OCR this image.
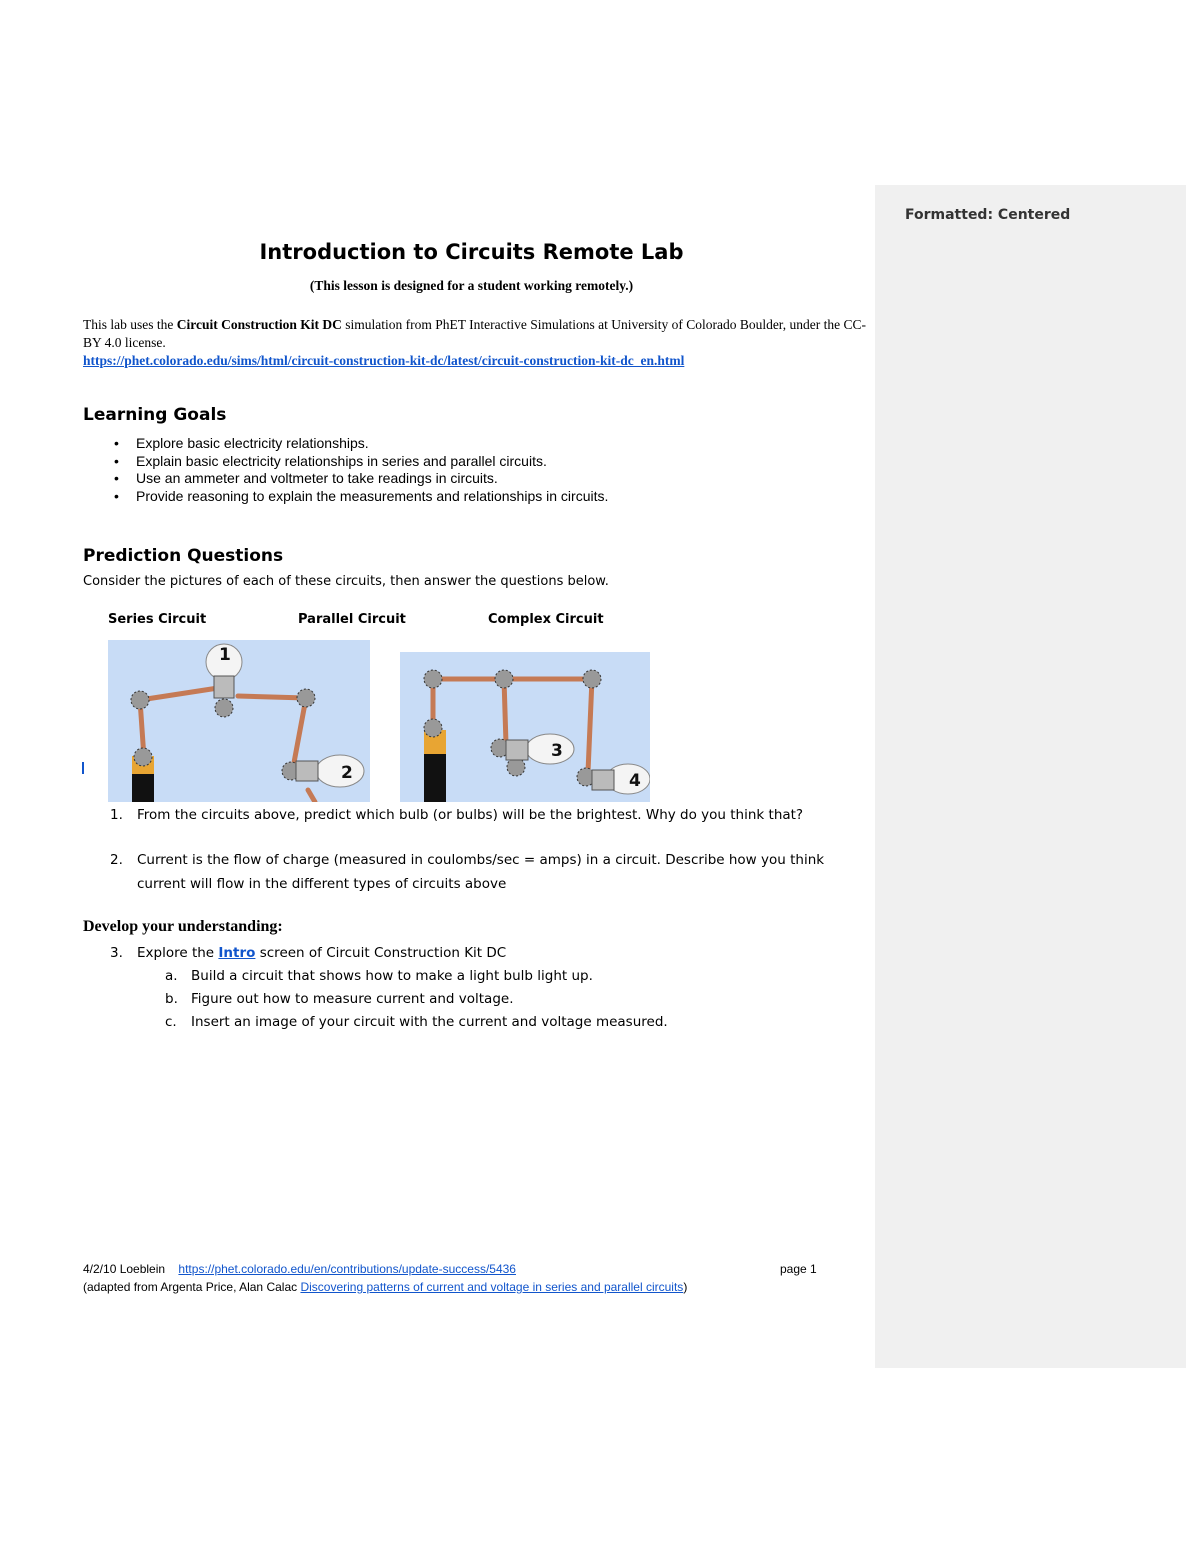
Formatted: Centered
Introduction to Circuits Remote Lab
(This lesson is designed for a student working remotely.)
This lab uses the Circuit Construction Kit DC simulation from PhET Interactive Simulations at University of Colorado Boulder, under the CC-BY 4.0 license.
https://phet.colorado.edu/sims/html/circuit-construction-kit-dc/latest/circuit-construction-kit-dc_en.html
Learning Goals
• Explore basic electricity relationships.
• Explain basic electricity relationships in series and parallel circuits.
• Use an ammeter and voltmeter to take readings in circuits.
• Provide reasoning to explain the measurements and relationships in circuits.
Prediction Questions
Consider the pictures of each of these circuits, then answer the questions below.
Series Circuit	Parallel Circuit	Complex Circuit
1
2
3
4
1. From the circuits above, predict which bulb (or bulbs) will be the brightest. Why do you think that?
2. Current is the flow of charge (measured in coulombs/sec = amps) in a circuit. Describe how you think current will flow in the different types of circuits above
Develop your understanding:
3. Explore the Intro screen of Circuit Construction Kit DC
a. Build a circuit that shows how to make a light bulb light up.
b. Figure out how to measure current and voltage.
c. Insert an image of your circuit with the current and voltage measured.
4/2/10 Loeblein https://phet.colorado.edu/en/contributions/update-success/5436	page 1
(adapted from Argenta Price, Alan Calac Discovering patterns of current and voltage in series and parallel circuits)
